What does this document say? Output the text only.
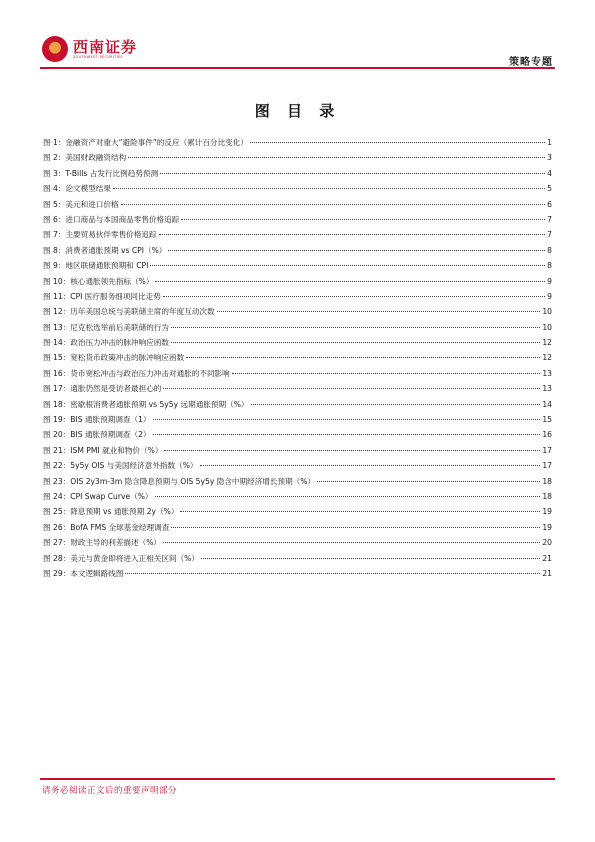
西南证券
SOUTHWEST SECURITIES	策略专题
图 目 录
图 1：金融资产对重大“避险事件”的反应（累计百分比变化）	1
图 2：美国财政融资结构	3
图 3：T-Bills 占发行比例趋势预测	4
图 4：论文模型结果	5
图 5：美元和进口价格	6
图 6：进口商品与本国商品零售价格追踪	7
图 7：主要贸易伙伴零售价格追踪	7
图 8：消费者通胀预期 vs CPI（%）	8
图 9：地区联储通胀预期和 CPI	8
图 10：核心通胀领先指标（%）	9
图 11：CPI 医疗服务细项同比走势	9
图 12：历年美国总统与美联储主席的年度互动次数	10
图 13：尼克松选举前后美联储的行为	10
图 14：政治压力冲击的脉冲响应函数	12
图 15：宽松货币政策冲击的脉冲响应函数	12
图 16：货币宽松冲击与政治压力冲击对通胀的不同影响	13
图 17：通胀仍然是受访者最担心的	13
图 18：密歇根消费者通胀预期 vs 5y5y 远期通胀预期（%）	14
图 19：BIS 通胀预期调查（1）	15
图 20：BIS 通胀预期调查（2）	16
图 21：ISM PMI 就业和物价（%）	17
图 22：5y5y OIS 与美国经济意外指数（%）	17
图 23：OIS 2y3m-3m 隐含降息预期与 OIS 5y5y 隐含中期经济增长预期（%）	18
图 24：CPI Swap Curve（%）	18
图 25：降息预期 vs 通胀预期 2y（%）	19
图 26：BofA FMS 全球基金经理调查	19
图 27：财政主导的利差描述（%）	20
图 28：美元与黄金即将进入正相关区间（%）	21
图 29：本文逻辑路线图	21
请务必阅读正文后的重要声明部分
